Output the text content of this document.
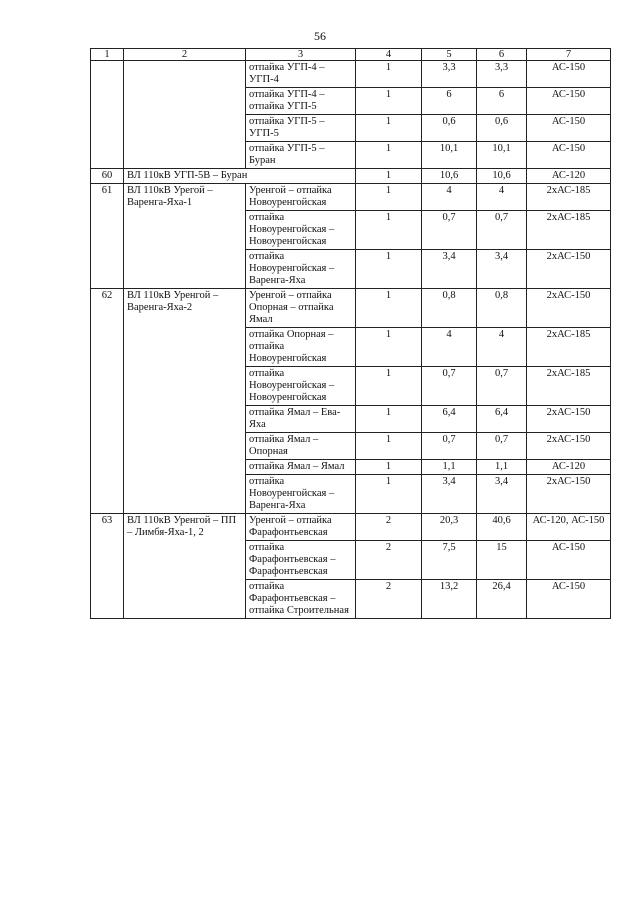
56
1	2	3	4	5	6	7
		отпайка УГП-4 – УГП-4	1	3,3	3,3	АС-150
		отпайка УГП-4 – отпайка УГП-5	1	6	6	АС-150
		отпайка УГП-5 – УГП-5	1	0,6	0,6	АС-150
		отпайка УГП-5 – Буран	1	10,1	10,1	АС-150
60	ВЛ 110кВ УГП-5В – Буран		1	10,6	10,6	АС-120
61	ВЛ 110кВ Урегой – Варенга-Яха-1	Уренгой – отпайка Новоуренгойская	1	4	4	2хАС-185
		отпайка Новоуренгойская – Новоуренгойская	1	0,7	0,7	2хАС-185
		отпайка Новоуренгойская – Варенга-Яха	1	3,4	3,4	2хАС-150
62	ВЛ 110кВ Уренгой – Варенга-Яха-2	Уренгой – отпайка Опорная – отпайка Ямал	1	0,8	0,8	2хАС-150
		отпайка Опорная – отпайка Новоуренгойская	1	4	4	2хАС-185
		отпайка Новоуренгойская – Новоуренгойская	1	0,7	0,7	2хАС-185
		отпайка Ямал – Ева-Яха	1	6,4	6,4	2хАС-150
		отпайка Ямал – Опорная	1	0,7	0,7	2хАС-150
		отпайка Ямал – Ямал	1	1,1	1,1	АС-120
		отпайка Новоуренгойская – Варенга-Яха	1	3,4	3,4	2хАС-150
63	ВЛ 110кВ Уренгой – ПП – Лимбя-Яха-1, 2	Уренгой – отпайка Фарафонтьевская	2	20,3	40,6	АС-120, АС-150
		отпайка Фарафонтьевская – Фарафонтьевская	2	7,5	15	АС-150
		отпайка Фарафонтьевская – отпайка Строительная	2	13,2	26,4	АС-150
